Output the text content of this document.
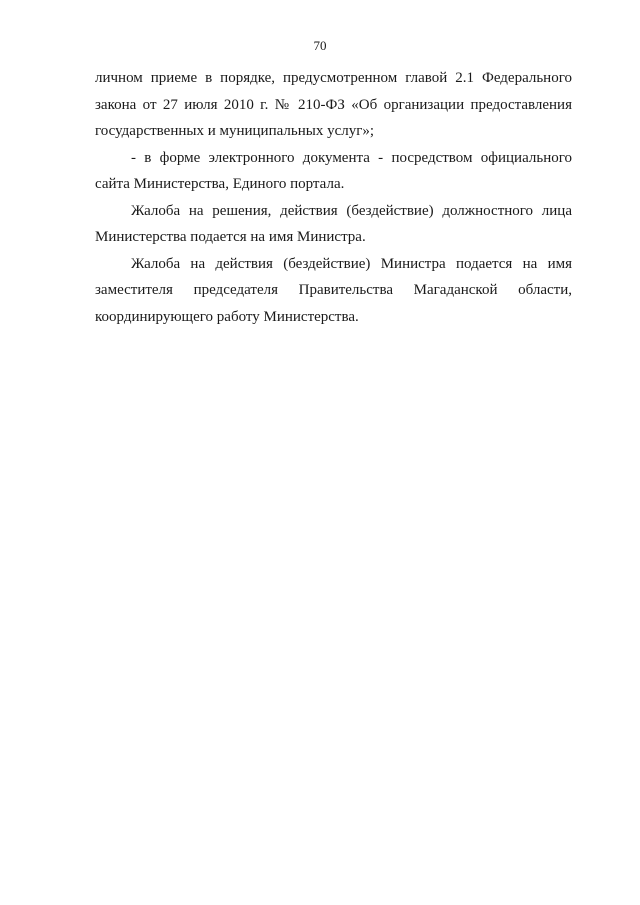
70
личном приеме в порядке, предусмотренном главой 2.1 Федерального
закона от 27 июля 2010 г. № 210-ФЗ «Об организации предоставления
государственных и муниципальных услуг»;
- в форме электронного документа - посредством официального
сайта Министерства, Единого портала.
Жалоба на решения, действия (бездействие) должностного лица
Министерства подается на имя Министра.
Жалоба на действия (бездействие) Министра подается на имя
заместителя председателя Правительства Магаданской области,
координирующего работу Министерства.
